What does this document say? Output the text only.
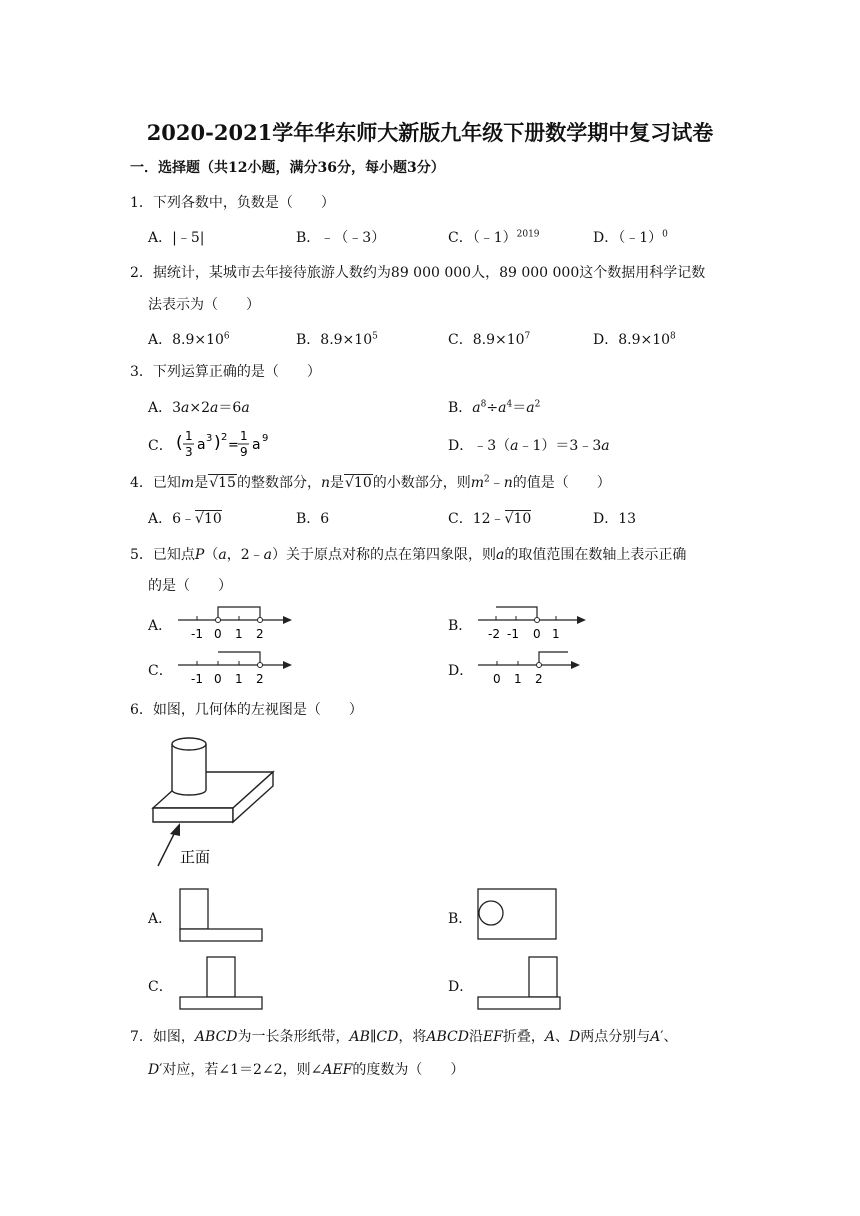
2020-2021学年华东师大新版九年级下册数学期中复习试卷
一．选择题（共12小题，满分36分，每小题3分）
1．下列各数中，负数是（　　）
A．|﹣5|	B．﹣（﹣3）	C．（﹣1）$^{2019}$	D．（﹣1）$^0$
2．据统计，某城市去年接待旅游人数约为89 000 000人，89 000 000这个数据用科学记数
法表示为（　　）
A．$8.9\times 10^6$	B．$8.9\times 10^5$	C．$8.9\times 10^7$	D．$8.9\times 10^8$
3．下列运算正确的是（　　）
A．3a×2a＝6a	B．$a^8\div a^4=a^2$
C． ( 1
3 a 3 ) 2
=
1
9 a 9	D．﹣3（a﹣1）＝3﹣3a
4．已知m是√15的整数部分，n是√10的小数部分，则$m^2﹣n$的值是（　　）
A．6﹣√10	B．6	C．12﹣√10	D．13
5．已知点P（a，2﹣a）关于原点对称的点在第四象限，则a的取值范围在数轴上表示正确
的是（　　）
A． -1 0 1 2	B． -2 -1 0 1
C． -1 0 1 2	D． 0 1 2
6．如图，几何体的左视图是（　　）
正面
A．	B．
C．	D．
7．如图，ABCD为一长条形纸带，AB∥CD，将ABCD沿EF折叠，A、D两点分别与A′、
D′对应，若∠1＝2∠2，则∠AEF的度数为（　　）
